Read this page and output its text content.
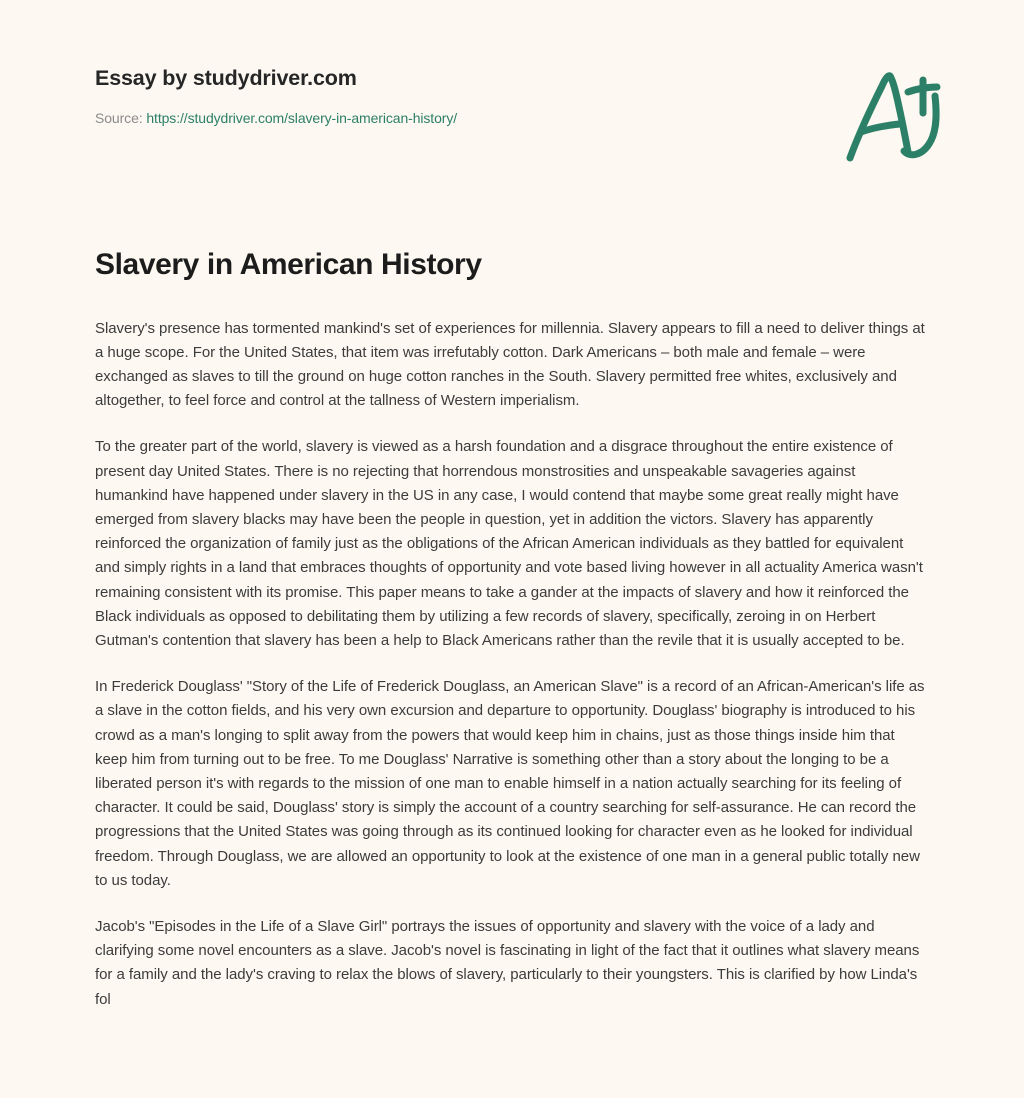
Essay by studydriver.com
Source: https://studydriver.com/slavery-in-american-history/
Slavery in American History

Slavery's presence has tormented mankind's set of experiences for millennia. Slavery appears to fill a need to deliver things at a huge scope. For the United States, that item was irrefutably cotton. Dark Americans – both male and female – were exchanged as slaves to till the ground on huge cotton ranches in the South. Slavery permitted free whites, exclusively and altogether, to feel force and control at the tallness of Western imperialism.

To the greater part of the world, slavery is viewed as a harsh foundation and a disgrace throughout the entire existence of present day United States. There is no rejecting that horrendous monstrosities and unspeakable savageries against humankind have happened under slavery in the US in any case, I would contend that maybe some great really might have emerged from slavery blacks may have been the people in question, yet in addition the victors. Slavery has apparently reinforced the organization of family just as the obligations of the African American individuals as they battled for equivalent and simply rights in a land that embraces thoughts of opportunity and vote based living however in all actuality America wasn't remaining consistent with its promise. This paper means to take a gander at the impacts of slavery and how it reinforced the Black individuals as opposed to debilitating them by utilizing a few records of slavery, specifically, zeroing in on Herbert Gutman's contention that slavery has been a help to Black Americans rather than the revile that it is usually accepted to be.

In Frederick Douglass' "Story of the Life of Frederick Douglass, an American Slave" is a record of an African-American's life as a slave in the cotton fields, and his very own excursion and departure to opportunity. Douglass' biography is introduced to his crowd as a man's longing to split away from the powers that would keep him in chains, just as those things inside him that keep him from turning out to be free. To me Douglass' Narrative is something other than a story about the longing to be a liberated person it's with regards to the mission of one man to enable himself in a nation actually searching for its feeling of character. It could be said, Douglass' story is simply the account of a country searching for self-assurance. He can record the progressions that the United States was going through as its continued looking for character even as he looked for individual freedom. Through Douglass, we are allowed an opportunity to look at the existence of one man in a general public totally new to us today.

Jacob's "Episodes in the Life of a Slave Girl" portrays the issues of opportunity and slavery with the voice of a lady and clarifying some novel encounters as a slave. Jacob's novel is fascinating in light of the fact that it outlines what slavery means for a family and the lady's craving to relax the blows of slavery, particularly to their youngsters. This is clarified by how Linda's fol
